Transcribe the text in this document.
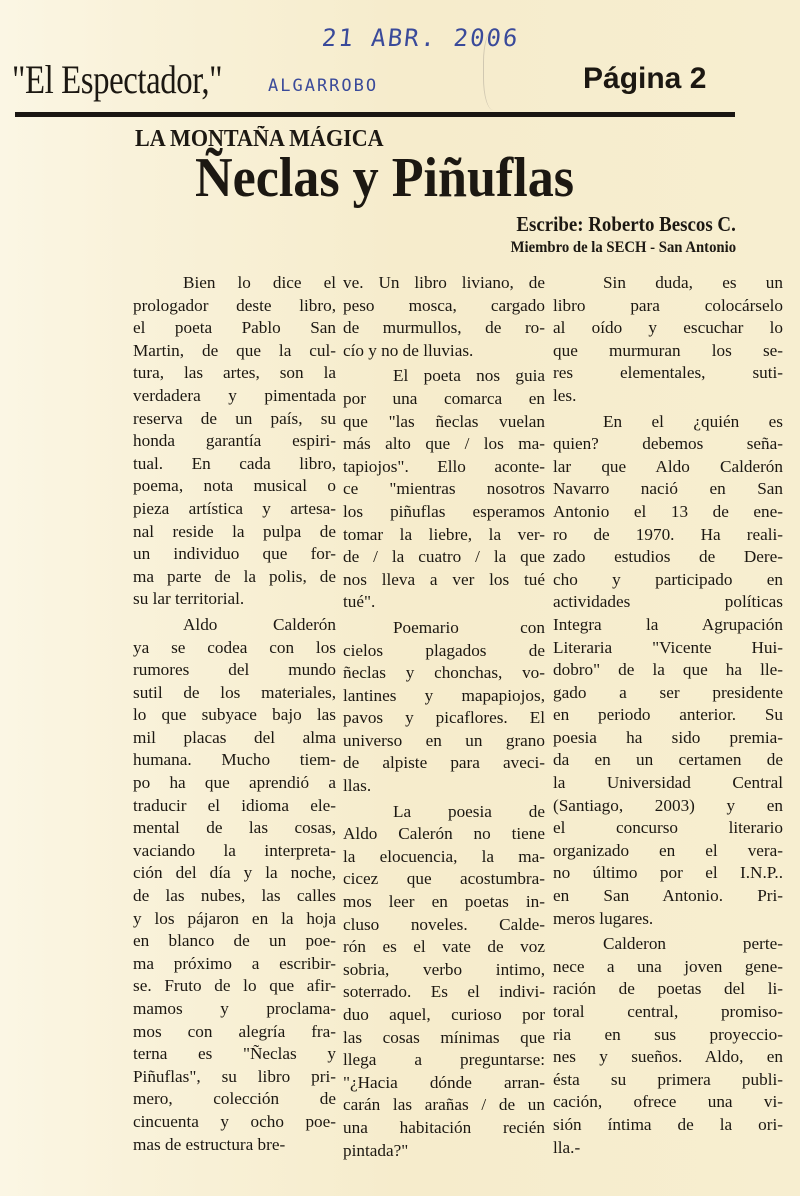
21 ABR. 2006
"El Espectador,"	ALGARROBO	Página 2
LA MONTAÑA MÁGICA
Ñeclas y Piñuflas
Escribe: Roberto Bescos C.
Miembro de la SECH - San Antonio
Bien lo dice el
prologador deste libro,
el poeta Pablo San
Martin, de que la cul-
tura, las artes, son la
verdadera y pimentada
reserva de un país, su
honda garantía espiri-
tual. En cada libro,
poema, nota musical o
pieza artística y artesa-
nal reside la pulpa de
un individuo que for-
ma parte de la polis, de
su lar territorial.
Aldo Calderón
ya se codea con los
rumores del mundo
sutil de los materiales,
lo que subyace bajo las
mil placas del alma
humana. Mucho tiem-
po ha que aprendió a
traducir el idioma ele-
mental de las cosas,
vaciando la interpreta-
ción del día y la noche,
de las nubes, las calles
y los pájaron en la hoja
en blanco de un poe-
ma próximo a escribir-
se. Fruto de lo que afir-
mamos y proclama-
mos con alegría fra-
terna es "Ñeclas y
Piñuflas", su libro pri-
mero, colección de
cincuenta y ocho poe-
mas de estructura bre-
ve. Un libro liviano, de
peso mosca, cargado
de murmullos, de ro-
cío y no de lluvias.
El poeta nos guia
por una comarca en
que "las ñeclas vuelan
más alto que / los ma-
tapiojos". Ello aconte-
ce "mientras nosotros
los piñuflas esperamos
tomar la liebre, la ver-
de / la cuatro / la que
nos lleva a ver los tué
tué".
Poemario con
cielos plagados de
ñeclas y chonchas, vo-
lantines y mapapiojos,
pavos y picaflores. El
universo en un grano
de alpiste para aveci-
llas.
La poesia de
Aldo Calerón no tiene
la elocuencia, la ma-
cicez que acostumbra-
mos leer en poetas in-
cluso noveles. Calde-
rón es el vate de voz
sobria, verbo intimo,
soterrado. Es el indivi-
duo aquel, curioso por
las cosas mínimas que
llega a preguntarse:
"¿Hacia dónde arran-
carán las arañas / de un
una habitación recién
pintada?"
Sin duda, es un
libro para colocárselo
al oído y escuchar lo
que murmuran los se-
res elementales, suti-
les.
En el ¿quién es
quien? debemos seña-
lar que Aldo Calderón
Navarro nació en San
Antonio el 13 de ene-
ro de 1970. Ha reali-
zado estudios de Dere-
cho y participado en
actividades políticas
Integra la Agrupación
Literaria "Vicente Hui-
dobro" de la que ha lle-
gado a ser presidente
en periodo anterior. Su
poesia ha sido premia-
da en un certamen de
la Universidad Central
(Santiago, 2003) y en
el concurso literario
organizado en el vera-
no último por el I.N.P..
en San Antonio. Pri-
meros lugares.
Calderon perte-
nece a una joven gene-
ración de poetas del li-
toral central, promiso-
ria en sus proyeccio-
nes y sueños. Aldo, en
ésta su primera publi-
cación, ofrece una vi-
sión íntima de la ori-
lla.-
